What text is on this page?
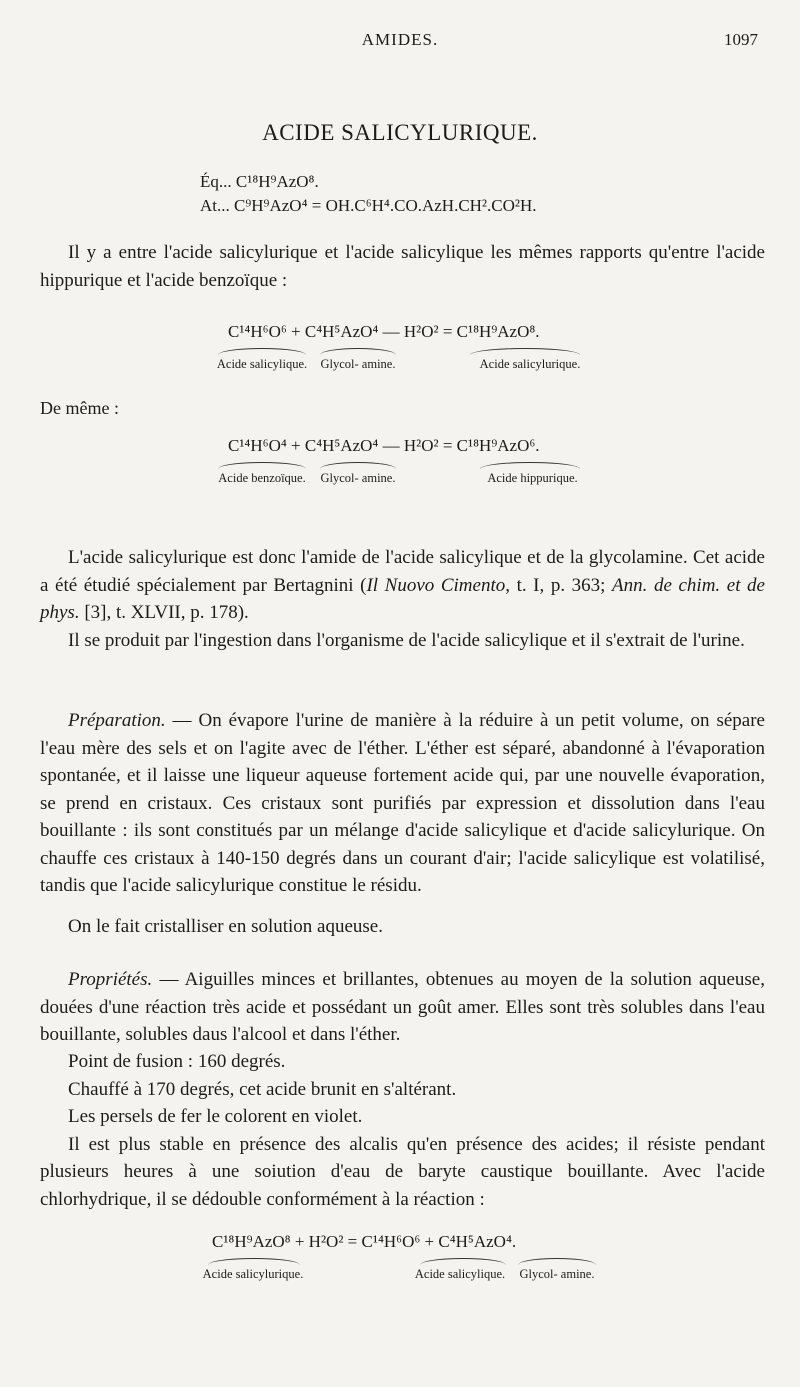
AMIDES.	1097
ACIDE SALICYLURIQUE.
Éq... C¹⁸H⁹AzO⁸.
At... C⁹H⁹AzO⁴ = OH.C⁶H⁴.CO.AzH.CH².CO²H.
Il y a entre l'acide salicylurique et l'acide salicylique les mêmes rapports qu'entre l'acide hippurique et l'acide benzoïque :
C¹⁴H⁶O⁶ + C⁴H⁵AzO⁴ — H²O² = C¹⁸H⁹AzO⁸.
Acide salicylique.	Glycol- amine.	Acide salicylurique.
De même :
C¹⁴H⁶O⁴ + C⁴H⁵AzO⁴ — H²O² = C¹⁸H⁹AzO⁶.
Acide benzoïque.	Glycol- amine.	Acide hippurique.
L'acide salicylurique est donc l'amide de l'acide salicylique et de la glycolamine. Cet acide a été étudié spécialement par Bertagnini (Il Nuovo Cimento, t. I, p. 363; Ann. de chim. et de phys. [3], t. XLVII, p. 178).
Il se produit par l'ingestion dans l'organisme de l'acide salicylique et il s'extrait de l'urine.
Préparation. — On évapore l'urine de manière à la réduire à un petit volume, on sépare l'eau mère des sels et on l'agite avec de l'éther. L'éther est séparé, abandonné à l'évaporation spontanée, et il laisse une liqueur aqueuse fortement acide qui, par une nouvelle évaporation, se prend en cristaux. Ces cristaux sont purifiés par expression et dissolution dans l'eau bouillante : ils sont constitués par un mélange d'acide salicylique et d'acide salicylurique. On chauffe ces cristaux à 140-150 degrés dans un courant d'air; l'acide salicylique est volatilisé, tandis que l'acide salicylurique constitue le résidu.
On le fait cristalliser en solution aqueuse.
Propriétés. — Aiguilles minces et brillantes, obtenues au moyen de la solution aqueuse, douées d'une réaction très acide et possédant un goût amer. Elles sont très solubles dans l'eau bouillante, solubles daus l'alcool et dans l'éther.
Point de fusion : 160 degrés.
Chauffé à 170 degrés, cet acide brunit en s'altérant.
Les persels de fer le colorent en violet.
Il est plus stable en présence des alcalis qu'en présence des acides; il résiste pendant plusieurs heures à une soiution d'eau de baryte caustique bouillante. Avec l'acide chlorhydrique, il se dédouble conformément à la réaction :
C¹⁸H⁹AzO⁸ + H²O² = C¹⁴H⁶O⁶ + C⁴H⁵AzO⁴.
Acide salicylurique.	Acide salicylique.	Glycol- amine.
